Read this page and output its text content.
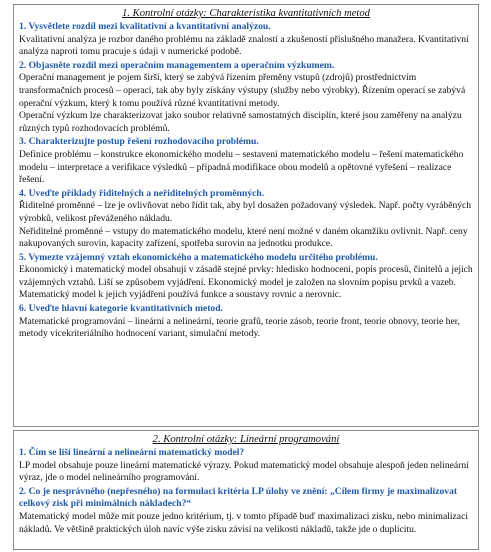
1. Kontrolní otázky: Charakteristika kvantitativních metod
1. Vysvětlete rozdíl mezi kvalitativní a kvantitativní analýzou.

Kvalitativní analýza je rozbor daného problému na základě znalostí a zkušeností příslušného manažera. Kvantitativní analýza naproti tomu pracuje s údaji v numerické podobě.

2. Objasněte rozdíl mezi operačním managementem a operačním výzkumem.

Operační management je pojem širší, který se zabývá řízením přeměny vstupů (zdrojů) prostřednictvím transformačních procesů – operací, tak aby byly získány výstupy (služby nebo výrobky). Řízením operací se zabývá operační výzkum, který k tomu používá různé kvantitativní metody.

Operační výzkum lze charakterizovat jako soubor relativně samostatných disciplín, které jsou zaměřeny na analýzu různých typů rozhodovacích problémů.

3. Charakterizujte postup řešení rozhodovacího problému.

Definice problému – konstrukce ekonomického modelu – sestavení matematického modelu – řešení matematického modelu – interpretace a verifikace výsledků – případná modifikace obou modelů a opětovné vyřešení – realizace řešení.

4. Uveďte příklady řiditelných a neřiditelných proměnných.

Řiditelné proměnné – lze je ovlivňovat nebo řídit tak, aby byl dosažen požadovaný výsledek. Např. počty vyráběných výrobků, velikost převáženého nákladu.

Neřiditelné proměnné – vstupy do matematického modelu, které není možné v daném okamžiku ovlivnit. Např. ceny nakupovaných surovin, kapacity zařízení, spotřeba surovin na jednotku produkce.

5. Vymezte vzájemný vztah ekonomického a matematického modelu určitého problému.

Ekonomický i matematický model obsahují v zásadě stejné prvky: hledisko hodnocení, popis procesů, činitelů a jejich vzájemných vztahů. Liší se způsobem vyjádření. Ekonomický model je založen na slovním popisu prvků a vazeb. Matematický model k jejich vyjádření používá funkce a soustavy rovnic a nerovnic.

6. Uveďte hlavní kategorie kvantitativních metod.

Matematické programování – lineární a nelineární, teorie grafů, teorie zásob, teorie front, teorie obnovy, teorie her, metody vícekriteriálního hodnocení variant, simulační metody.

2. Kontrolní otázky: Lineární programování
1. Čím se liší lineární a nelineární matematický model?

LP model obsahuje pouze lineární matematické výrazy. Pokud matematický model obsahuje alespoň jeden nelineární výraz, jde o model nelineárního programování.

2. Co je nesprávného (nepřesného) na formulaci kritéria LP úlohy ve znění: „Cílem firmy je maximalizovat celkový zisk při minimálních nákladech?“

Matematický model může mít pouze jedno kritérium, tj. v tomto případě buď maximalizaci zisku, nebo minimalizaci nákladů. Ve většině praktických úloh navíc výše zisku závisí na velikosti nákladů, takže jde o duplicitu.
